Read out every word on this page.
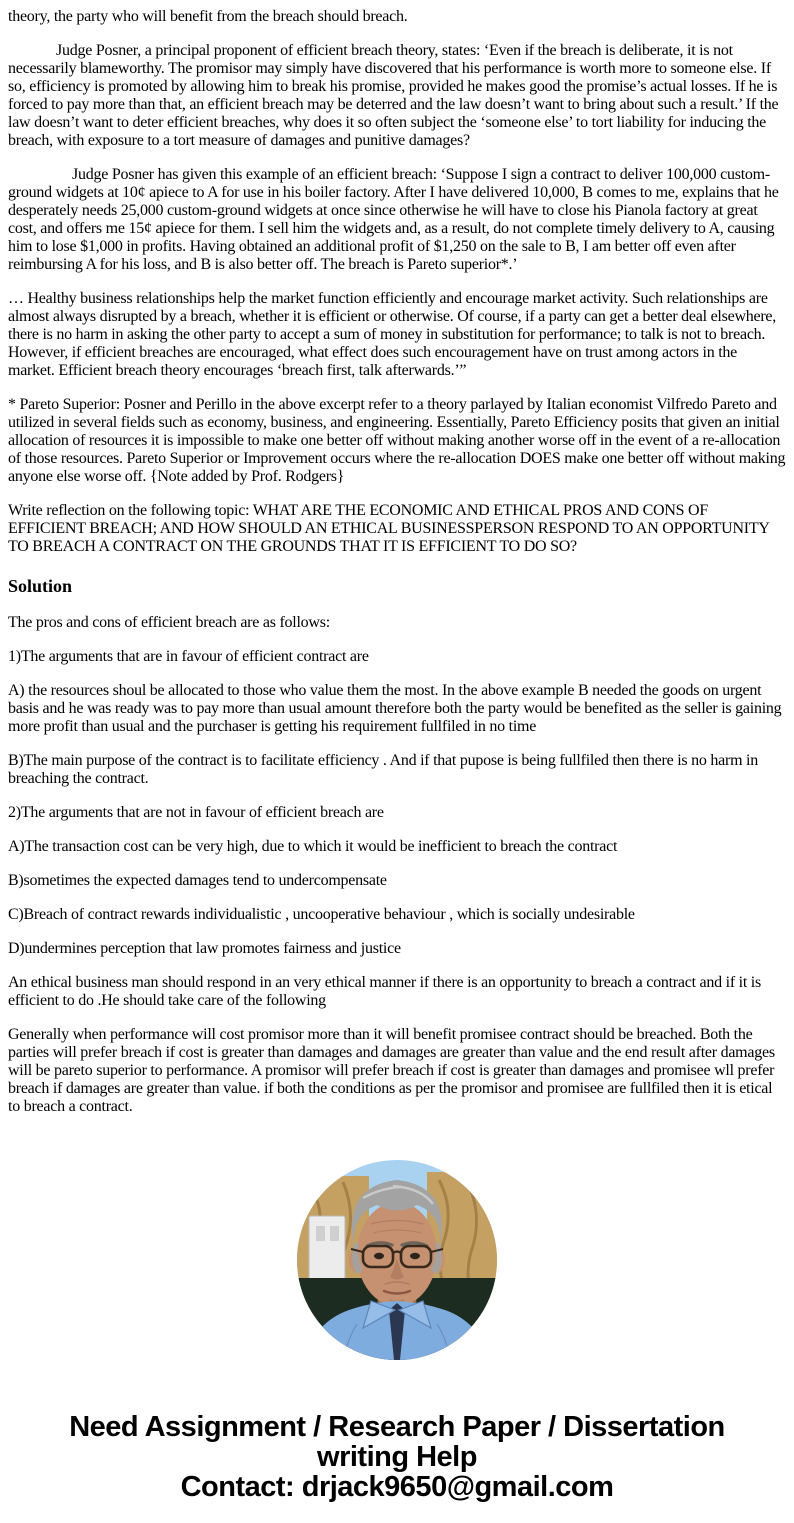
theory, the party who will benefit from the breach should breach.

Judge Posner, a principal proponent of efficient breach theory, states: ‘Even if the breach is deliberate, it is not necessarily blameworthy. The promisor may simply have discovered that his performance is worth more to someone else. If so, efficiency is promoted by allowing him to break his promise, provided he makes good the promise’s actual losses. If he is forced to pay more than that, an efficient breach may be deterred and the law doesn’t want to bring about such a result.’ If the law doesn’t want to deter efficient breaches, why does it so often subject the ‘someone else’ to tort liability for inducing the breach, with exposure to a tort measure of damages and punitive damages?

Judge Posner has given this example of an efficient breach: ‘Suppose I sign a contract to deliver 100,000 custom-ground widgets at 10¢ apiece to A for use in his boiler factory. After I have delivered 10,000, B comes to me, explains that he desperately needs 25,000 custom-ground widgets at once since otherwise he will have to close his Pianola factory at great cost, and offers me 15¢ apiece for them. I sell him the widgets and, as a result, do not complete timely delivery to A, causing him to lose $1,000 in profits. Having obtained an additional profit of $1,250 on the sale to B, I am better off even after reimbursing A for his loss, and B is also better off. The breach is Pareto superior*.’

… Healthy business relationships help the market function efficiently and encourage market activity. Such relationships are almost always disrupted by a breach, whether it is efficient or otherwise. Of course, if a party can get a better deal elsewhere, there is no harm in asking the other party to accept a sum of money in substitution for performance; to talk is not to breach. However, if efficient breaches are encouraged, what effect does such encouragement have on trust among actors in the market. Efficient breach theory encourages ‘breach first, talk afterwards.’”

* Pareto Superior: Posner and Perillo in the above excerpt refer to a theory parlayed by Italian economist Vilfredo Pareto and utilized in several fields such as economy, business, and engineering. Essentially, Pareto Efficiency posits that given an initial allocation of resources it is impossible to make one better off without making another worse off in the event of a re-allocation of those resources. Pareto Superior or Improvement occurs where the re-allocation DOES make one better off without making anyone else worse off. {Note added by Prof. Rodgers}

Write reflection on the following topic: WHAT ARE THE ECONOMIC AND ETHICAL PROS AND CONS OF EFFICIENT BREACH; AND HOW SHOULD AN ETHICAL BUSINESSPERSON RESPOND TO AN OPPORTUNITY TO BREACH A CONTRACT ON THE GROUNDS THAT IT IS EFFICIENT TO DO SO?

Solution

The pros and cons of efficient breach are as follows:

1)The arguments that are in favour of efficient contract are

A) the resources shoul be allocated to those who value them the most. In the above example B needed the goods on urgent basis and he was ready was to pay more than usual amount therefore both the party would be benefited as the seller is gaining more profit than usual and the purchaser is getting his requirement fullfiled in no time

B)The main purpose of the contract is to facilitate efficiency . And if that pupose is being fullfiled then there is no harm in breaching the contract.

2)The arguments that are not in favour of efficient breach are

A)The transaction cost can be very high, due to which it would be inefficient to breach the contract

B)sometimes the expected damages tend to undercompensate

C)Breach of contract rewards individualistic , uncooperative behaviour , which is socially undesirable

D)undermines perception that law promotes fairness and justice

An ethical business man should respond in an very ethical manner if there is an opportunity to breach a contract and if it is efficient to do .He should take care of the following

Generally when performance will cost promisor more than it will benefit promisee contract should be breached. Both the parties will prefer breach if cost is greater than damages and damages are greater than value and the end result after damages will be pareto superior to performance. A promisor will prefer breach if cost is greater than damages and promisee wll prefer breach if damages are greater than value. if both the conditions as per the promisor and promisee are fullfiled then it is etical to breach a contract.

Need Assignment / Research Paper / Dissertation
writing Help
Contact: drjack9650@gmail.com
